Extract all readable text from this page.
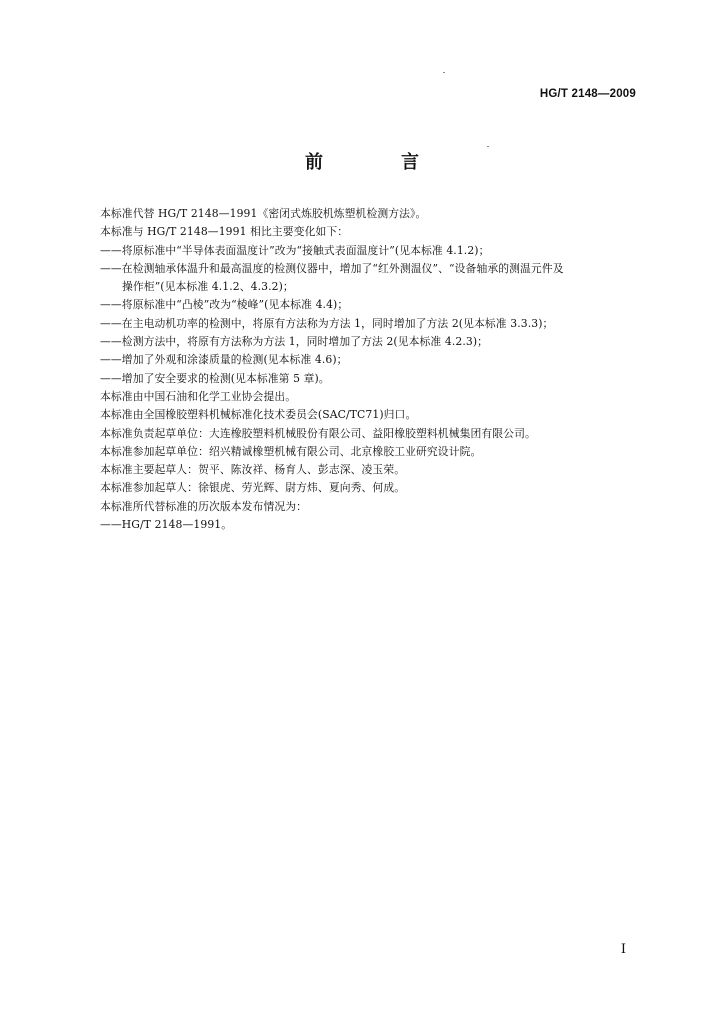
HG/T 2148—2009
前　言
本标准代替 HG/T 2148—1991《密闭式炼胶机炼塑机检测方法》。
本标准与 HG/T 2148—1991 相比主要变化如下：
——将原标准中“半导体表面温度计”改为“接触式表面温度计”(见本标准 4.1.2)；
——在检测轴承体温升和最高温度的检测仪器中，增加了“红外测温仪”、“设备轴承的测温元件及
操作柜”(见本标准 4.1.2、4.3.2)；
——将原标准中“凸棱”改为“棱峰”(见本标准 4.4)；
——在主电动机功率的检测中，将原有方法称为方法 1，同时增加了方法 2(见本标准 3.3.3)；
——检测方法中，将原有方法称为方法 1，同时增加了方法 2(见本标准 4.2.3)；
——增加了外观和涂漆质量的检测(见本标准 4.6)；
——增加了安全要求的检测(见本标准第 5 章)。
本标准由中国石油和化学工业协会提出。
本标准由全国橡胶塑料机械标准化技术委员会(SAC/TC71)归口。
本标准负责起草单位：大连橡胶塑料机械股份有限公司、益阳橡胶塑料机械集团有限公司。
本标准参加起草单位：绍兴精诚橡塑机械有限公司、北京橡胶工业研究设计院。
本标准主要起草人：贺平、陈汝祥、杨育人、彭志深、凌玉荣。
本标准参加起草人：徐银虎、劳光辉、尉方炜、夏向秀、何成。
本标准所代替标准的历次版本发布情况为：
——HG/T 2148—1991。
I
